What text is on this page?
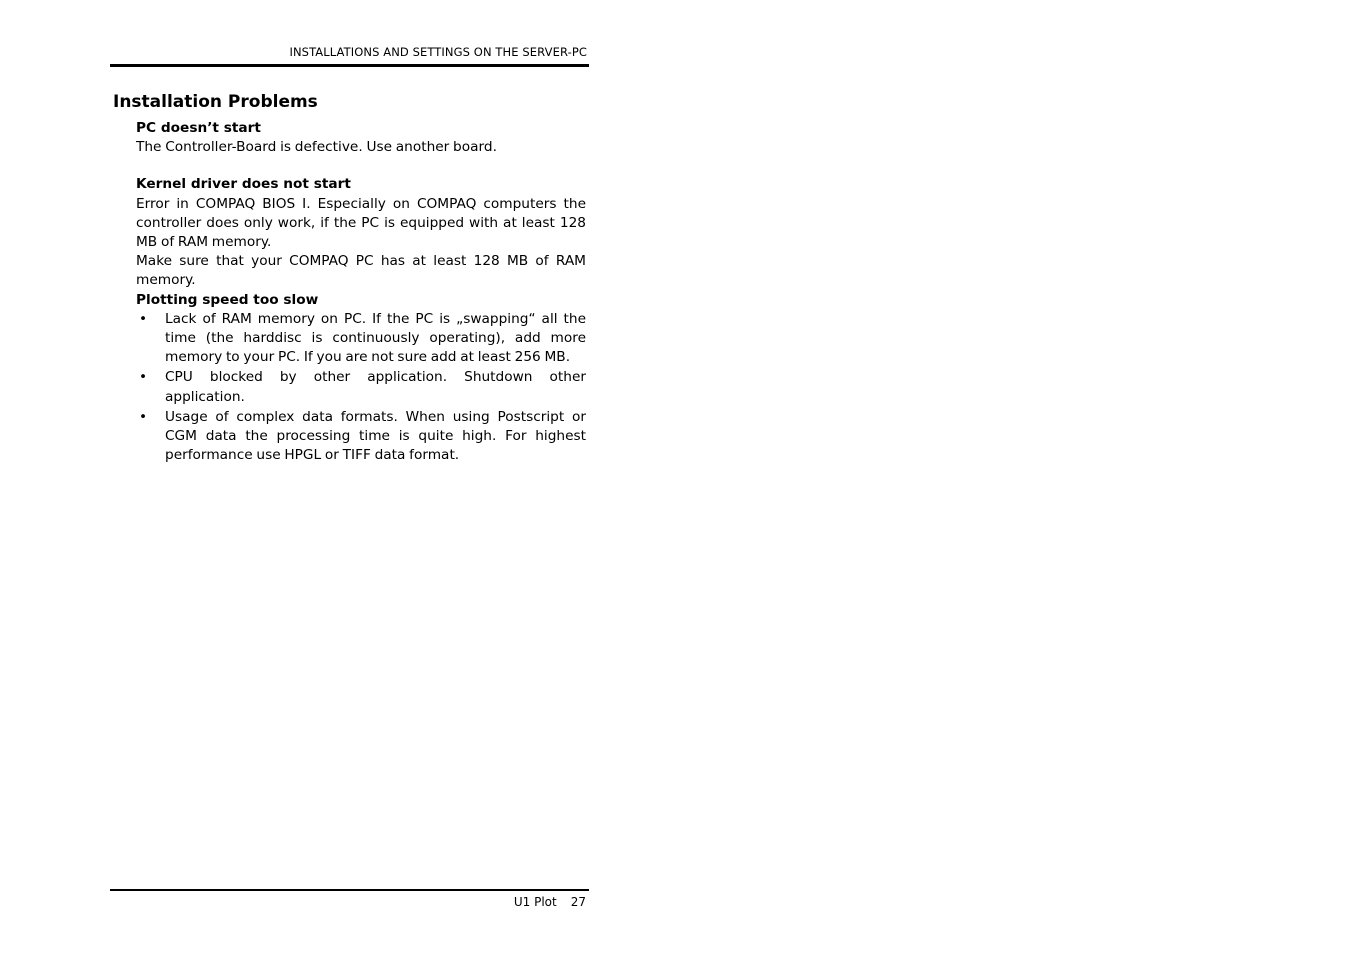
INSTALLATIONS AND SETTINGS ON THE SERVER-PC
Installation Problems

PC doesn’t start

The Controller-Board is defective. Use another board.

Kernel driver does not start

Error in COMPAQ BIOS I. Especially on COMPAQ computers the controller does only work, if the PC is equipped with at least 128 MB of RAM memory.

Make sure that your COMPAQ PC has at least 128 MB of RAM memory.

Plotting speed too slow

• Lack of RAM memory on PC. If the PC is „swapping“ all the time (the harddisc is continuously operating), add more memory to your PC. If you are not sure add at least 256 MB.
• CPU blocked by other application. Shutdown other application.
• Usage of complex data formats. When using Postscript or CGM data the processing time is quite high. For highest performance use HPGL or TIFF data format.
U1 Plot 27
